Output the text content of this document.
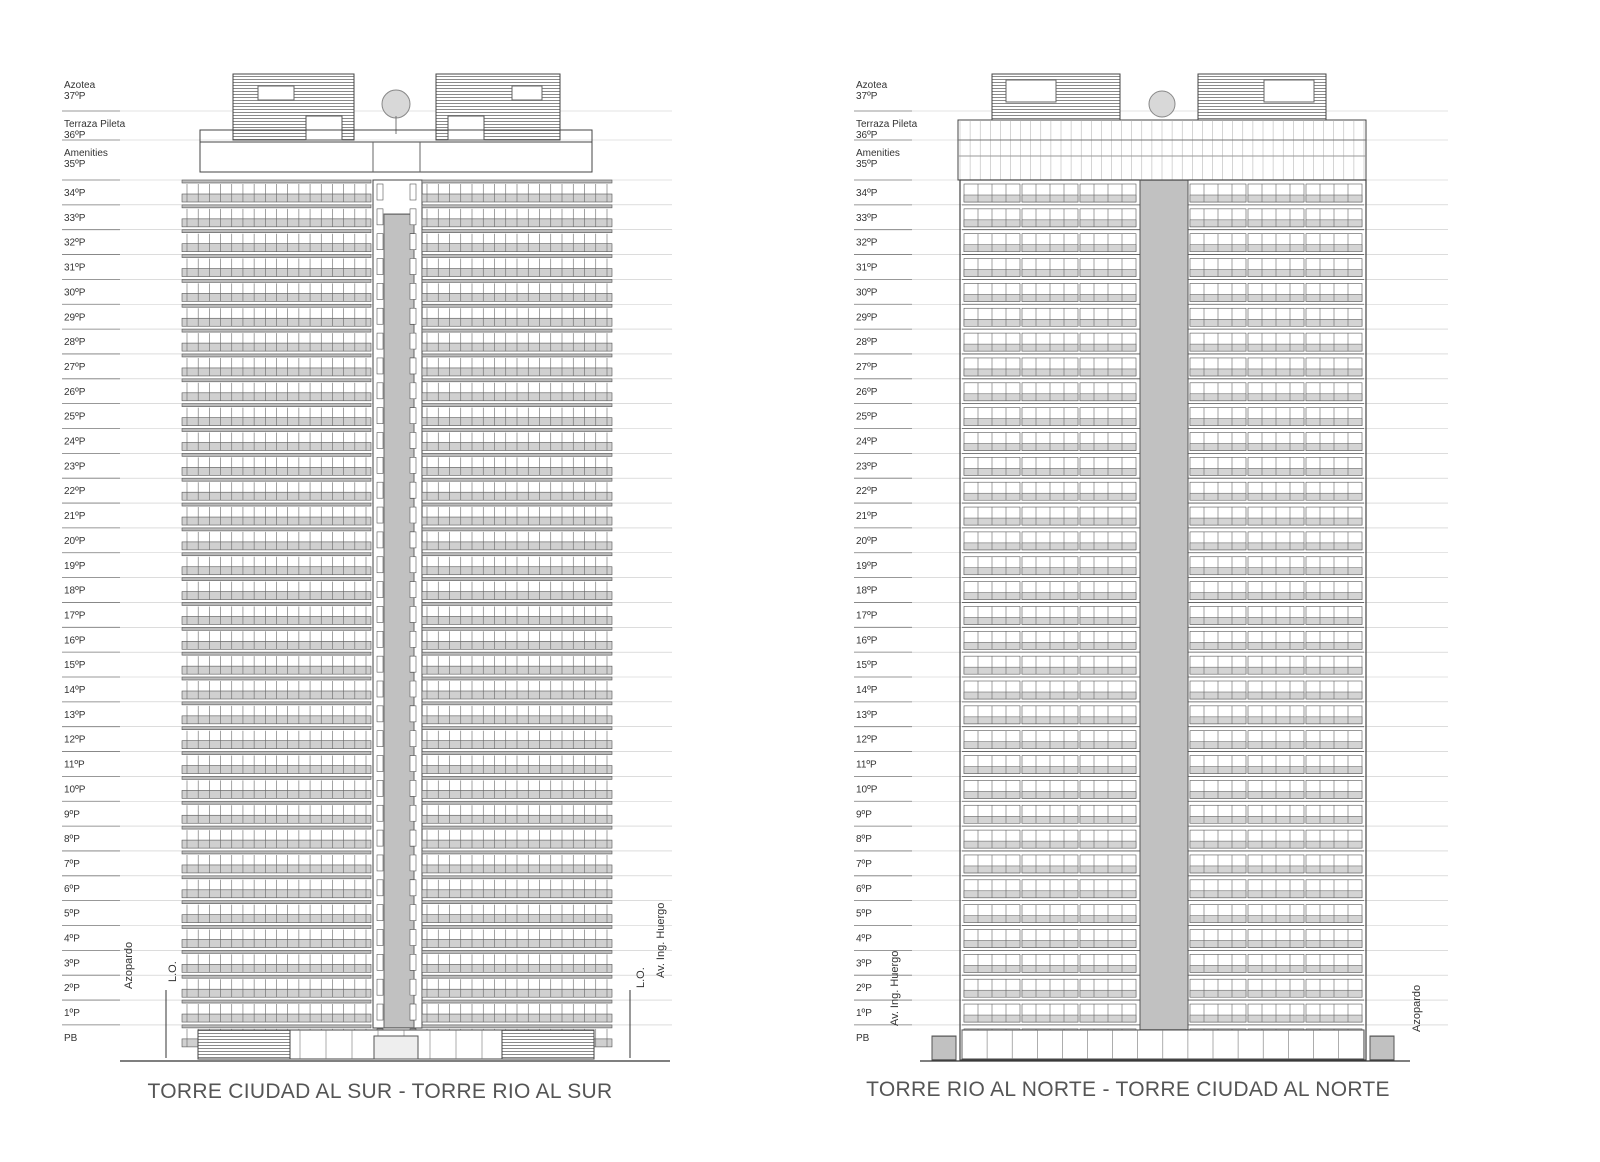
Azotea
37ºP
Terraza Pileta
36ºP
Amenities
35ºP
34ºP
33ºP
32ºP
31ºP
30ºP
29ºP
28ºP
27ºP
26ºP
25ºP
24ºP
23ºP
22ºP
21ºP
20ºP
19ºP
18ºP
17ºP
16ºP
15ºP
14ºP
13ºP
12ºP
11ºP
10ºP
9ºP
8ºP
7ºP
6ºP
5ºP
4ºP
3ºP
2ºP
1ºP
PB
Azopardo	L.O.	Av. Ing. Huergo
L.O.
Azotea
37ºP
Terraza Pileta
36ºP
Amenities
35ºP
34ºP
33ºP
32ºP
31ºP
30ºP
29ºP
28ºP
27ºP
26ºP
25ºP
24ºP
23ºP
22ºP
21ºP
20ºP
19ºP
18ºP
17ºP
16ºP
15ºP
14ºP
13ºP
12ºP
11ºP
10ºP
9ºP
8ºP
7ºP
6ºP
5ºP
4ºP
3ºP
2ºP
1ºP
PB
Av. Ing. Huergo	Azopardo
TORRE CIUDAD AL SUR - TORRE RIO AL SUR	TORRE RIO AL NORTE - TORRE CIUDAD AL NORTE
